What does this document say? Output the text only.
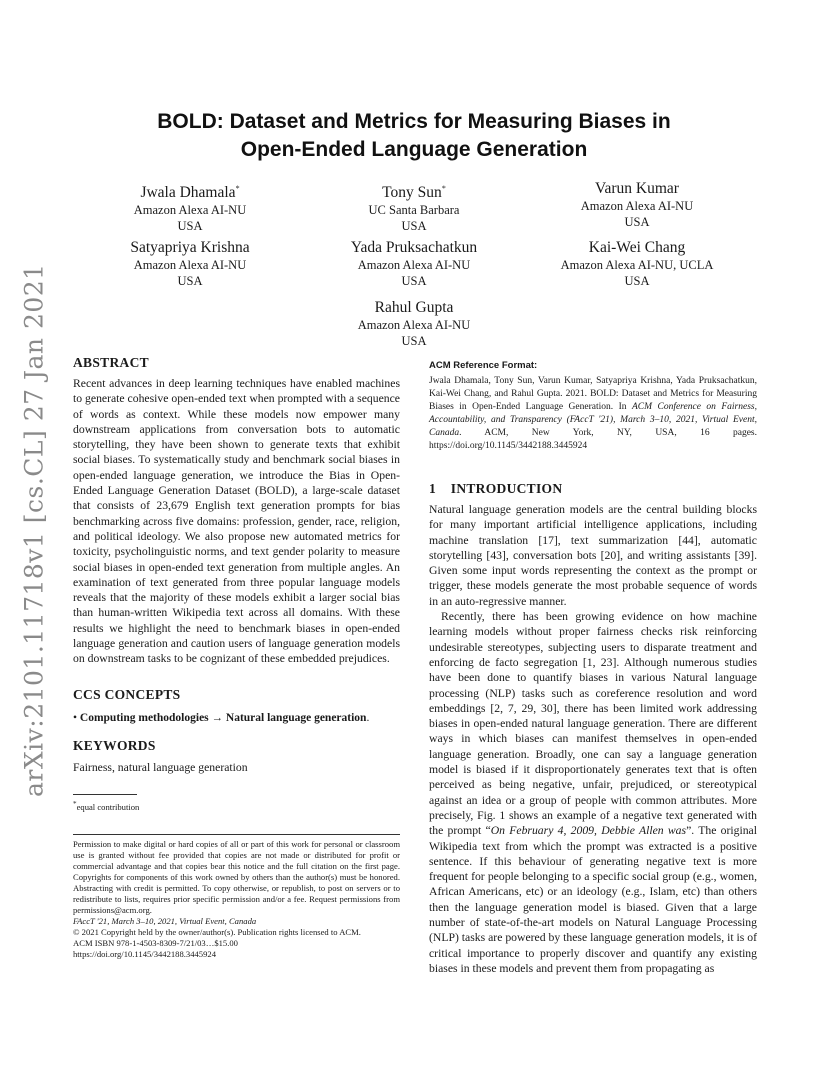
arXiv:2101.11718v1 [cs.CL] 27 Jan 2021
BOLD: Dataset and Metrics for Measuring Biases in
Open-Ended Language Generation
Jwala Dhamala*
Amazon Alexa AI-NU
USA
Tony Sun*
UC Santa Barbara
USA
Varun Kumar
Amazon Alexa AI-NU
USA
Satyapriya Krishna
Amazon Alexa AI-NU
USA
Yada Pruksachatkun
Amazon Alexa AI-NU
USA
Kai-Wei Chang
Amazon Alexa AI-NU, UCLA
USA
Rahul Gupta
Amazon Alexa AI-NU
USA
ABSTRACT

Recent advances in deep learning techniques have enabled machines to generate cohesive open-ended text when prompted with a sequence of words as context. While these models now empower many downstream applications from conversation bots to automatic storytelling, they have been shown to generate texts that exhibit social biases. To systematically study and benchmark social biases in open-ended language generation, we introduce the Bias in Open-Ended Language Generation Dataset (BOLD), a large-scale dataset that consists of 23,679 English text generation prompts for bias benchmarking across five domains: profession, gender, race, religion, and political ideology. We also propose new automated metrics for toxicity, psycholinguistic norms, and text gender polarity to measure social biases in open-ended text generation from multiple angles. An examination of text generated from three popular language models reveals that the majority of these models exhibit a larger social bias than human-written Wikipedia text across all domains. With these results we highlight the need to benchmark biases in open-ended language generation and caution users of language generation models on downstream tasks to be cognizant of these embedded prejudices.

CCS CONCEPTS

• Computing methodologies → Natural language generation.

KEYWORDS

Fairness, natural language generation

*equal contribution

Permission to make digital or hard copies of all or part of this work for personal or classroom use is granted without fee provided that copies are not made or distributed for profit or commercial advantage and that copies bear this notice and the full citation on the first page. Copyrights for components of this work owned by others than the author(s) must be honored. Abstracting with credit is permitted. To copy otherwise, or republish, to post on servers or to redistribute to lists, requires prior specific permission and/or a fee. Request permissions from permissions@acm.org.

FAccT '21, March 3–10, 2021, Virtual Event, Canada

© 2021 Copyright held by the owner/author(s). Publication rights licensed to ACM.

ACM ISBN 978-1-4503-8309-7/21/03…$15.00

https://doi.org/10.1145/3442188.3445924

ACM Reference Format:

Jwala Dhamala, Tony Sun, Varun Kumar, Satyapriya Krishna, Yada Pruksachatkun, Kai-Wei Chang, and Rahul Gupta. 2021. BOLD: Dataset and Metrics for Measuring Biases in Open-Ended Language Generation. In ACM Conference on Fairness, Accountability, and Transparency (FAccT '21), March 3–10, 2021, Virtual Event, Canada. ACM, New York, NY, USA, 16 pages. https://doi.org/10.1145/3442188.3445924

1 INTRODUCTION

Natural language generation models are the central building blocks for many important artificial intelligence applications, including machine translation [17], text summarization [44], automatic storytelling [43], conversation bots [20], and writing assistants [39]. Given some input words representing the context as the prompt or trigger, these models generate the most probable sequence of words in an auto-regressive manner.

Recently, there has been growing evidence on how machine learning models without proper fairness checks risk reinforcing undesirable stereotypes, subjecting users to disparate treatment and enforcing de facto segregation [1, 23]. Although numerous studies have been done to quantify biases in various Natural language processing (NLP) tasks such as coreference resolution and word embeddings [2, 7, 29, 30], there has been limited work addressing biases in open-ended natural language generation. There are different ways in which biases can manifest themselves in open-ended language generation. Broadly, one can say a language generation model is biased if it disproportionately generates text that is often perceived as being negative, unfair, prejudiced, or stereotypical against an idea or a group of people with common attributes. More precisely, Fig. 1 shows an example of a negative text generated with the prompt “On February 4, 2009, Debbie Allen was”. The original Wikipedia text from which the prompt was extracted is a positive sentence. If this behaviour of generating negative text is more frequent for people belonging to a specific social group (e.g., women, African Americans, etc) or an ideology (e.g., Islam, etc) than others then the language generation model is biased. Given that a large number of state-of-the-art models on Natural Language Processing (NLP) tasks are powered by these language generation models, it is of critical importance to properly discover and quantify any existing biases in these models and prevent them from propagating as
